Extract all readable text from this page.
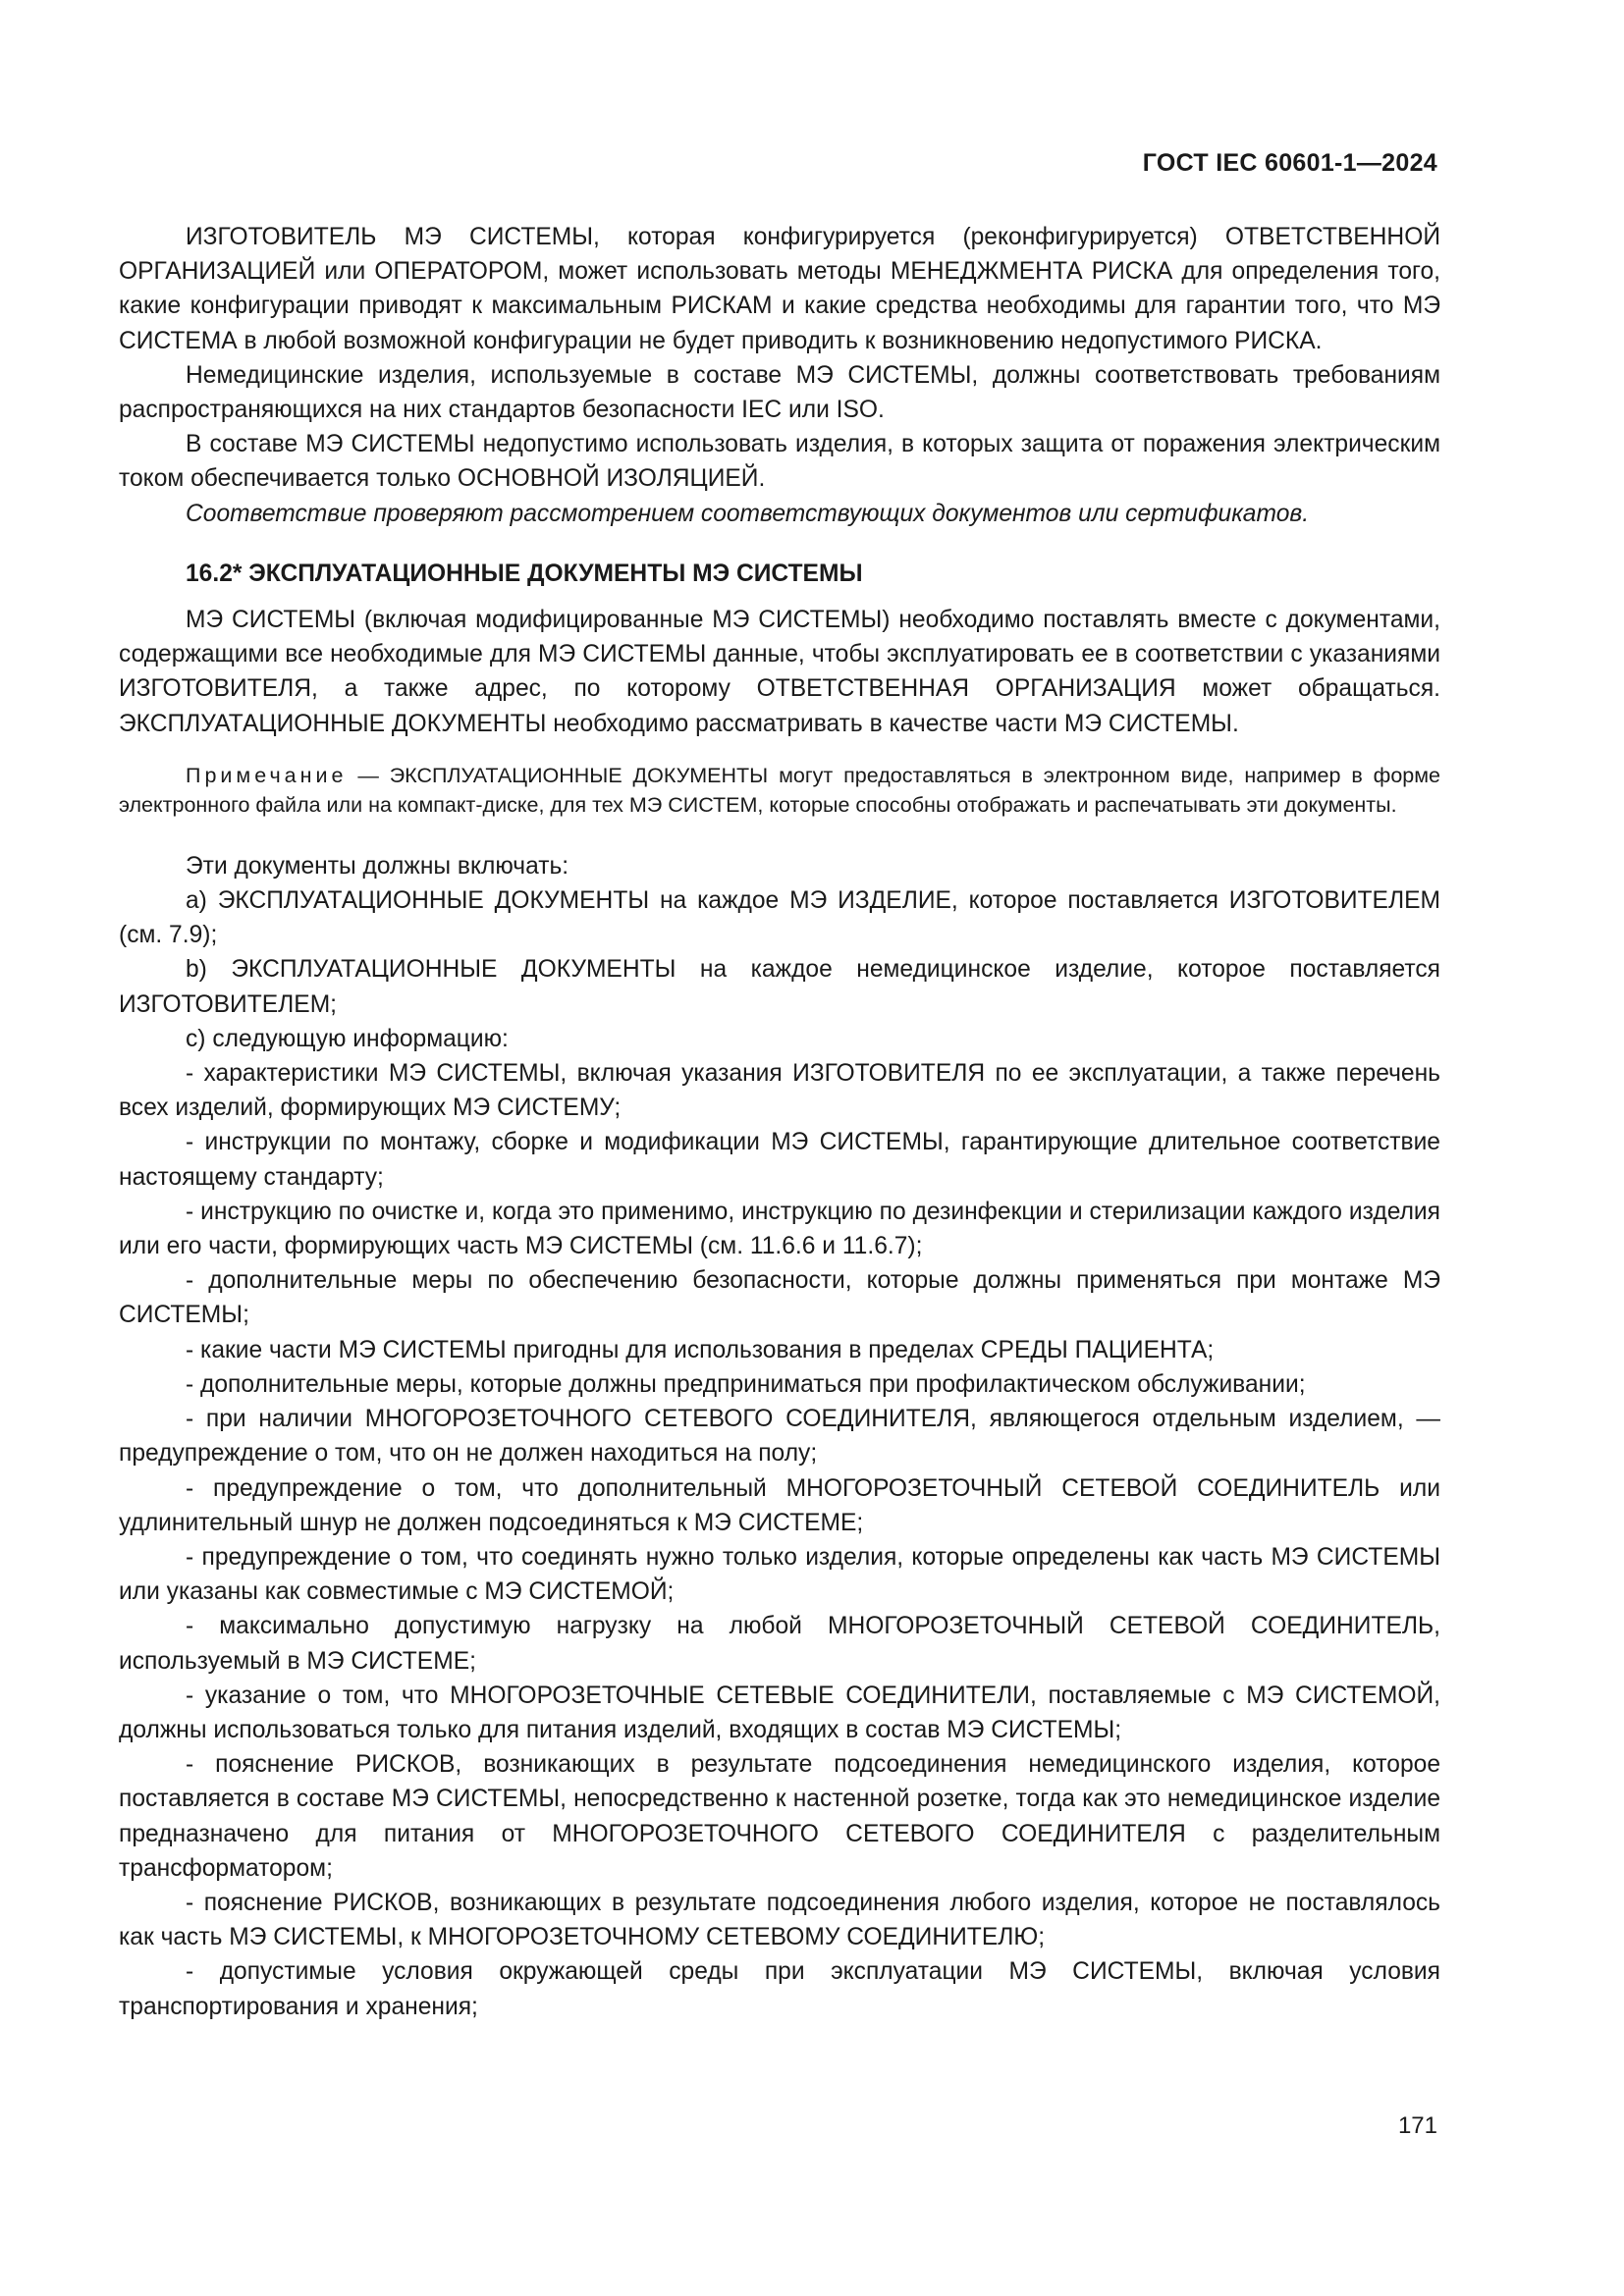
ГОСТ IEC 60601-1—2024

ИЗГОТОВИТЕЛЬ МЭ СИСТЕМЫ, которая конфигурируется (реконфигурируется) ОТВЕТСТВЕННОЙ ОРГАНИЗАЦИЕЙ или ОПЕРАТОРОМ, может использовать методы МЕНЕДЖМЕНТА РИСКА для определения того, какие конфигурации приводят к максимальным РИСКАМ и какие средства необходимы для гарантии того, что МЭ СИСТЕМА в любой возможной конфигурации не будет приводить к возникновению недопустимого РИСКА.

Немедицинские изделия, используемые в составе МЭ СИСТЕМЫ, должны соответствовать требованиям распространяющихся на них стандартов безопасности IEC или ISO.

В составе МЭ СИСТЕМЫ недопустимо использовать изделия, в которых защита от поражения электрическим током обеспечивается только ОСНОВНОЙ ИЗОЛЯЦИЕЙ.

Соответствие проверяют рассмотрением соответствующих документов или сертификатов.

16.2* ЭКСПЛУАТАЦИОННЫЕ ДОКУМЕНТЫ МЭ СИСТЕМЫ

МЭ СИСТЕМЫ (включая модифицированные МЭ СИСТЕМЫ) необходимо поставлять вместе с документами, содержащими все необходимые для МЭ СИСТЕМЫ данные, чтобы эксплуатировать ее в соответствии с указаниями ИЗГОТОВИТЕЛЯ, а также адрес, по которому ОТВЕТСТВЕННАЯ ОРГАНИЗАЦИЯ может обращаться. ЭКСПЛУАТАЦИОННЫЕ ДОКУМЕНТЫ необходимо рассматривать в качестве части МЭ СИСТЕМЫ.

Примечание — ЭКСПЛУАТАЦИОННЫЕ ДОКУМЕНТЫ могут предоставляться в электронном виде, например в форме электронного файла или на компакт-диске, для тех МЭ СИСТЕМ, которые способны отображать и распечатывать эти документы.

Эти документы должны включать:

а) ЭКСПЛУАТАЦИОННЫЕ ДОКУМЕНТЫ на каждое МЭ ИЗДЕЛИЕ, которое поставляется ИЗГОТОВИТЕЛЕМ (см. 7.9);

b) ЭКСПЛУАТАЦИОННЫЕ ДОКУМЕНТЫ на каждое немедицинское изделие, которое поставляется ИЗГОТОВИТЕЛЕМ;

c) следующую информацию:

- характеристики МЭ СИСТЕМЫ, включая указания ИЗГОТОВИТЕЛЯ по ее эксплуатации, а также перечень всех изделий, формирующих МЭ СИСТЕМУ;

- инструкции по монтажу, сборке и модификации МЭ СИСТЕМЫ, гарантирующие длительное соответствие настоящему стандарту;

- инструкцию по очистке и, когда это применимо, инструкцию по дезинфекции и стерилизации каждого изделия или его части, формирующих часть МЭ СИСТЕМЫ (см. 11.6.6 и 11.6.7);

- дополнительные меры по обеспечению безопасности, которые должны применяться при монтаже МЭ СИСТЕМЫ;

- какие части МЭ СИСТЕМЫ пригодны для использования в пределах СРЕДЫ ПАЦИЕНТА;

- дополнительные меры, которые должны предприниматься при профилактическом обслуживании;

- при наличии МНОГОРОЗЕТОЧНОГО СЕТЕВОГО СОЕДИНИТЕЛЯ, являющегося отдельным изделием, — предупреждение о том, что он не должен находиться на полу;

- предупреждение о том, что дополнительный МНОГОРОЗЕТОЧНЫЙ СЕТЕВОЙ СОЕДИНИТЕЛЬ или удлинительный шнур не должен подсоединяться к МЭ СИСТЕМЕ;

- предупреждение о том, что соединять нужно только изделия, которые определены как часть МЭ СИСТЕМЫ или указаны как совместимые с МЭ СИСТЕМОЙ;

- максимально допустимую нагрузку на любой МНОГОРОЗЕТОЧНЫЙ СЕТЕВОЙ СОЕДИНИТЕЛЬ, используемый в МЭ СИСТЕМЕ;

- указание о том, что МНОГОРОЗЕТОЧНЫЕ СЕТЕВЫЕ СОЕДИНИТЕЛИ, поставляемые с МЭ СИСТЕМОЙ, должны использоваться только для питания изделий, входящих в состав МЭ СИСТЕМЫ;

- пояснение РИСКОВ, возникающих в результате подсоединения немедицинского изделия, которое поставляется в составе МЭ СИСТЕМЫ, непосредственно к настенной розетке, тогда как это немедицинское изделие предназначено для питания от МНОГОРОЗЕТОЧНОГО СЕТЕВОГО СОЕДИНИТЕЛЯ с разделительным трансформатором;

- пояснение РИСКОВ, возникающих в результате подсоединения любого изделия, которое не поставлялось как часть МЭ СИСТЕМЫ, к МНОГОРОЗЕТОЧНОМУ СЕТЕВОМУ СОЕДИНИТЕЛЮ;

- допустимые условия окружающей среды при эксплуатации МЭ СИСТЕМЫ, включая условия транспортирования и хранения;

171
